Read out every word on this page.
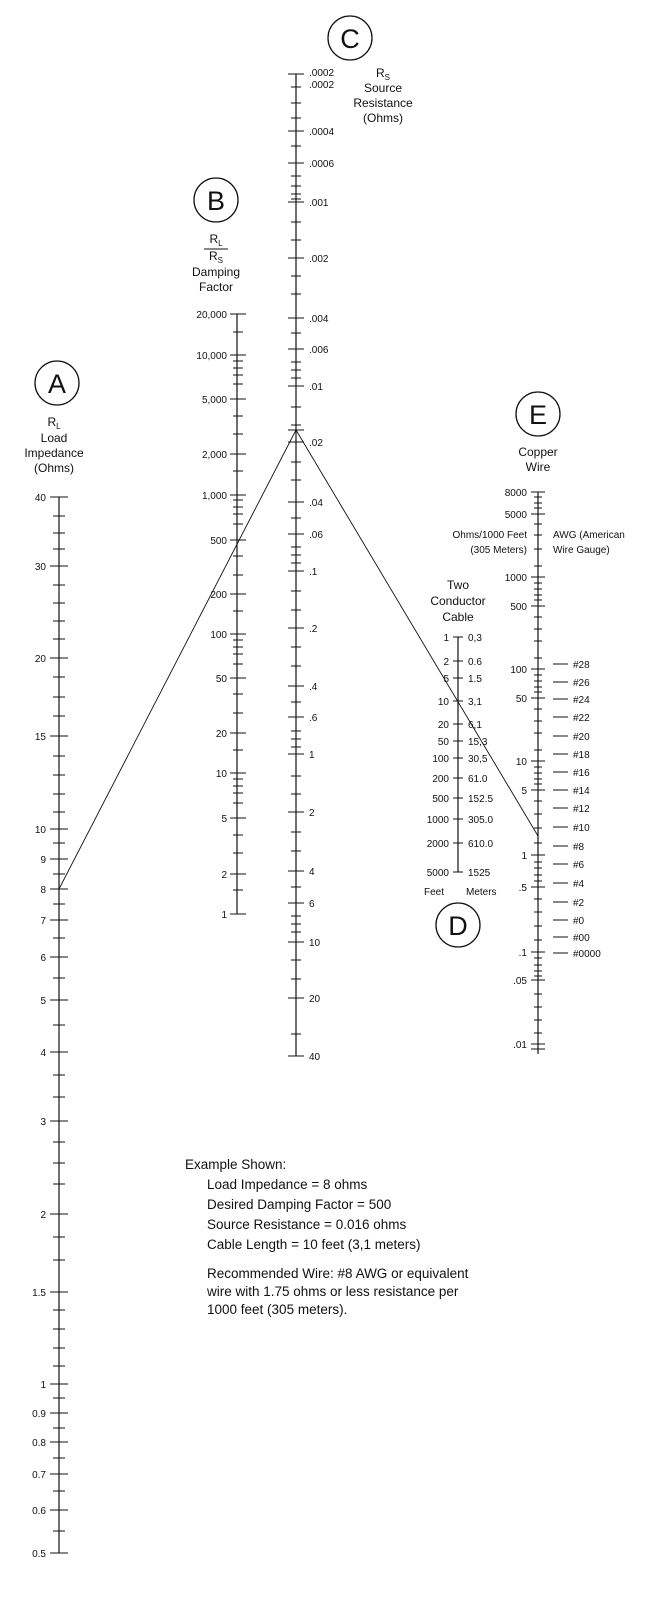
A
$R_L$
Load
Impedance
(Ohms)
40
30
20
15
10
9
8
7
6
5
4
3
2
1.5
1
0.9
0.8
0.7
0.6
0.5
B
$R_L$
$R_S$
Damping
Factor
20,000
10,000
5,000
2,000
1,000
500
200
100
50
20
10
5
2
1
C
$R_S$
Source
Resistance
(Ohms)
.0002
.0002
.0004
.0006
.001
.002
.004
.006
.01
.02
.04
.06
.1
.2
.4
.6
1
2
4
6
10
20
40
Two
Conductor
Cable
1
2
5
10
20
50
100
200
500
1000
2000
5000
0,3
0.6
1.5
3,1
6,1
15,3
30,5
61.0
152.5
305.0
610.0
1525
Feet Meters
D
E
Copper
Wire
Ohms/1000 Feet
(305 Meters)
AWG (American
Wire Gauge)
8000
5000
1000
500
100
50
10
5
1
.5
.1
.05
.01
#28
#26
#24
#22
#20
#18
#16
#14
#12
#10
#8
#6
#4
#2
#0
#00
#0000
Example Shown:
Load Impedance = 8 ohms
Desired Damping Factor = 500
Source Resistance = 0.016 ohms
Cable Length = 10 feet (3,1 meters)
Recommended Wire: #8 AWG or equivalent
wire with 1.75 ohms or less resistance per
1000 feet (305 meters).
